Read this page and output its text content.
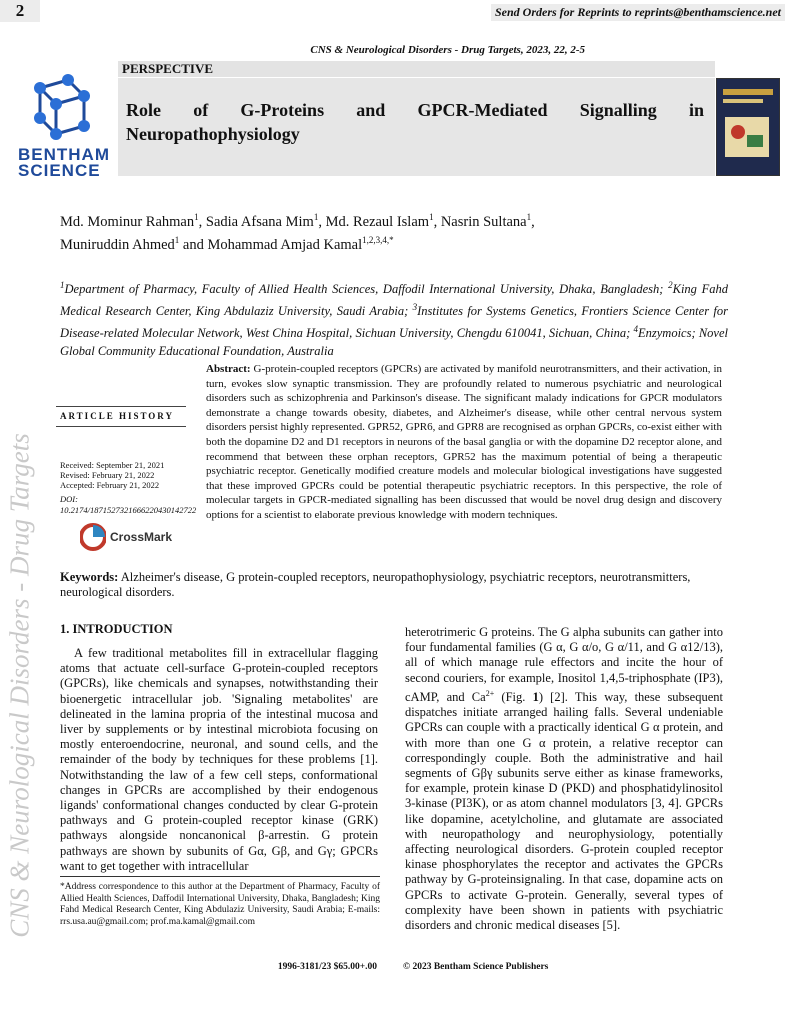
2	Send Orders for Reprints to reprints@benthamscience.net
CNS & Neurological Disorders - Drug Targets, 2023, 22, 2-5
CNS & Neurological Disorders - Drug Targets
BENTHAM
SCIENCE
PERSPECTIVE
Role of G-Proteins and GPCR-Mediated Signalling in Neuropathophysiology
Md. Mominur Rahman$^1$, Sadia Afsana Mim$^1$, Md. Rezaul Islam$^1$, Nasrin Sultana$^1$,
Muniruddin Ahmed$^1$ and Mohammad Amjad Kamal$^{1,2,3,4,*}$
$^1$Department of Pharmacy, Faculty of Allied Health Sciences, Daffodil International University, Dhaka, Bangladesh; $^2$King Fahd Medical Research Center, King Abdulaziz University, Saudi Arabia; $^3$Institutes for Systems Genetics, Frontiers Science Center for Disease-related Molecular Network, West China Hospital, Sichuan University, Chengdu 610041, Sichuan, China; $^4$Enzymoics; Novel Global Community Educational Foundation, Australia
ARTICLE HISTORY
Received: September 21, 2021
Revised: February 21, 2022
Accepted: February 21, 2022
DOI:
10.2174/1871527321666220430142722
CrossMark
Abstract: G-protein-coupled receptors (GPCRs) are activated by manifold neurotransmitters, and their activation, in turn, evokes slow synaptic transmission. They are profoundly related to numerous psychiatric and neurological disorders such as schizophrenia and Parkinson's disease. The significant malady indications for GPCR modulators demonstrate a change towards obesity, diabetes, and Alzheimer's disease, while other central nervous system disorders persist highly represented. GPR52, GPR6, and GPR8 are recognised as orphan GPCRs, co-exist either with both the dopamine D2 and D1 receptors in neurons of the basal ganglia or with the dopamine D2 receptor alone, and recommend that between these orphan receptors, GPR52 has the maximum potential of being a therapeutic psychiatric receptor. Genetically modified creature models and molecular biological investigations have suggested that these improved GPCRs could be potential therapeutic psychiatric receptors. In this perspective, the role of molecular targets in GPCR-mediated signalling has been discussed that would be novel drug design and discovery options for a scientist to elaborate previous knowledge with modern techniques.
Keywords: Alzheimer's disease, G protein-coupled receptors, neuropathophysiology, psychiatric receptors, neurotransmitters, neurological disorders.
1. INTRODUCTION
A few traditional metabolites fill in extracellular flagging atoms that actuate cell-surface G-protein-coupled receptors (GPCRs), like chemicals and synapses, notwithstanding their bioenergetic intracellular job. 'Signaling metabolites' are delineated in the lamina propria of the intestinal mucosa and liver by supplements or by intestinal microbiota focusing on mostly enteroendocrine, neuronal, and sound cells, and the remainder of the body by techniques for these problems [1]. Notwithstanding the law of a few cell steps, conformational changes in GPCRs are accomplished by their endogenous ligands' conformational changes conducted by clear G-protein pathways and G protein-coupled receptor kinase (GRK) pathways alongside noncanonical β-arrestin. G protein pathways are shown by subunits of Gα, Gβ, and Gγ; GPCRs want to get together with intracellular
heterotrimeric G proteins. The G alpha subunits can gather into four fundamental families (G α, G α/o, G α/11, and G α12/13), all of which manage rule effectors and incite the hour of second couriers, for example, Inositol 1,4,5-triphosphate (IP3), cAMP, and $Ca^{2+}$ (Fig. 1) [2]. This way, these subsequent dispatches initiate arranged hailing falls. Several undeniable GPCRs can couple with a practically identical G α protein, and with more than one G α protein, a relative receptor can correspondingly couple. Both the administrative and hail segments of Gβγ subunits serve either as kinase frameworks, for example, protein kinase D (PKD) and phosphatidylinositol 3-kinase (PI3K), or as atom channel modulators [3, 4]. GPCRs like dopamine, acetylcholine, and glutamate are associated with neuropathology and neurophysiology, potentially affecting neurological disorders. G-protein coupled receptor kinase phosphorylates the receptor and activates the GPCRs pathway by G-proteinsignaling. In that case, dopamine acts on GPCRs to activate G-protein. Generally, several types of complexity have been shown in patients with psychiatric disorders and chronic medical diseases [5].
*Address correspondence to this author at the Department of Pharmacy, Faculty of Allied Health Sciences, Daffodil International University, Dhaka, Bangladesh; King Fahd Medical Research Center, King Abdulaziz University, Saudi Arabia; E-mails: rrs.usa.au@gmail.com; prof.ma.kamal@gmail.com
1996-3181/23 $65.00+.00	© 2023 Bentham Science Publishers
